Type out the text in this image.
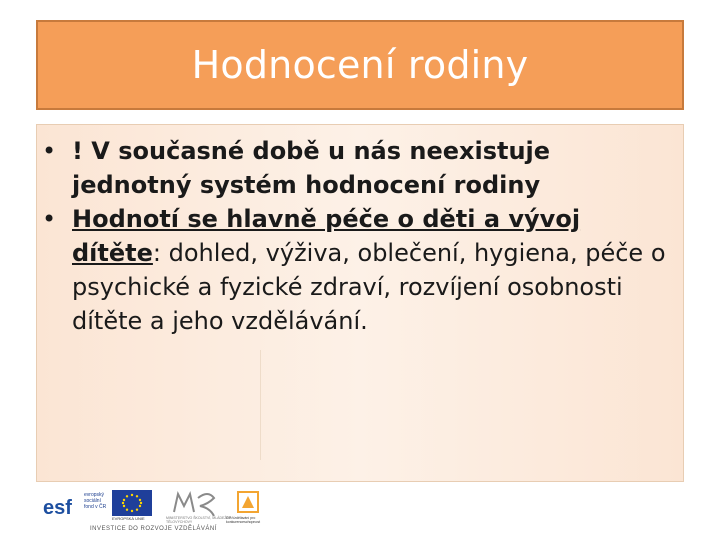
Hodnocení rodiny
• ! V současné době u nás neexistuje jednotný systém hodnocení rodiny
• Hodnotí se hlavně péče o děti a vývoj dítěte: dohled, výživa, oblečení, hygiena, péče o psychické a fyzické zdraví, rozvíjení osobnosti dítěte a jeho vzdělávání.
esf
evropský sociální fond v ČR
EVROPSKÁ UNIE	MINISTERSTVO ŠKOLSTVÍ, MLÁDEŽE A TĚLOVÝCHOVY
OP Vzdělávání pro konkurenceschopnost
INVESTICE DO ROZVOJE VZDĚLÁVÁNÍ
